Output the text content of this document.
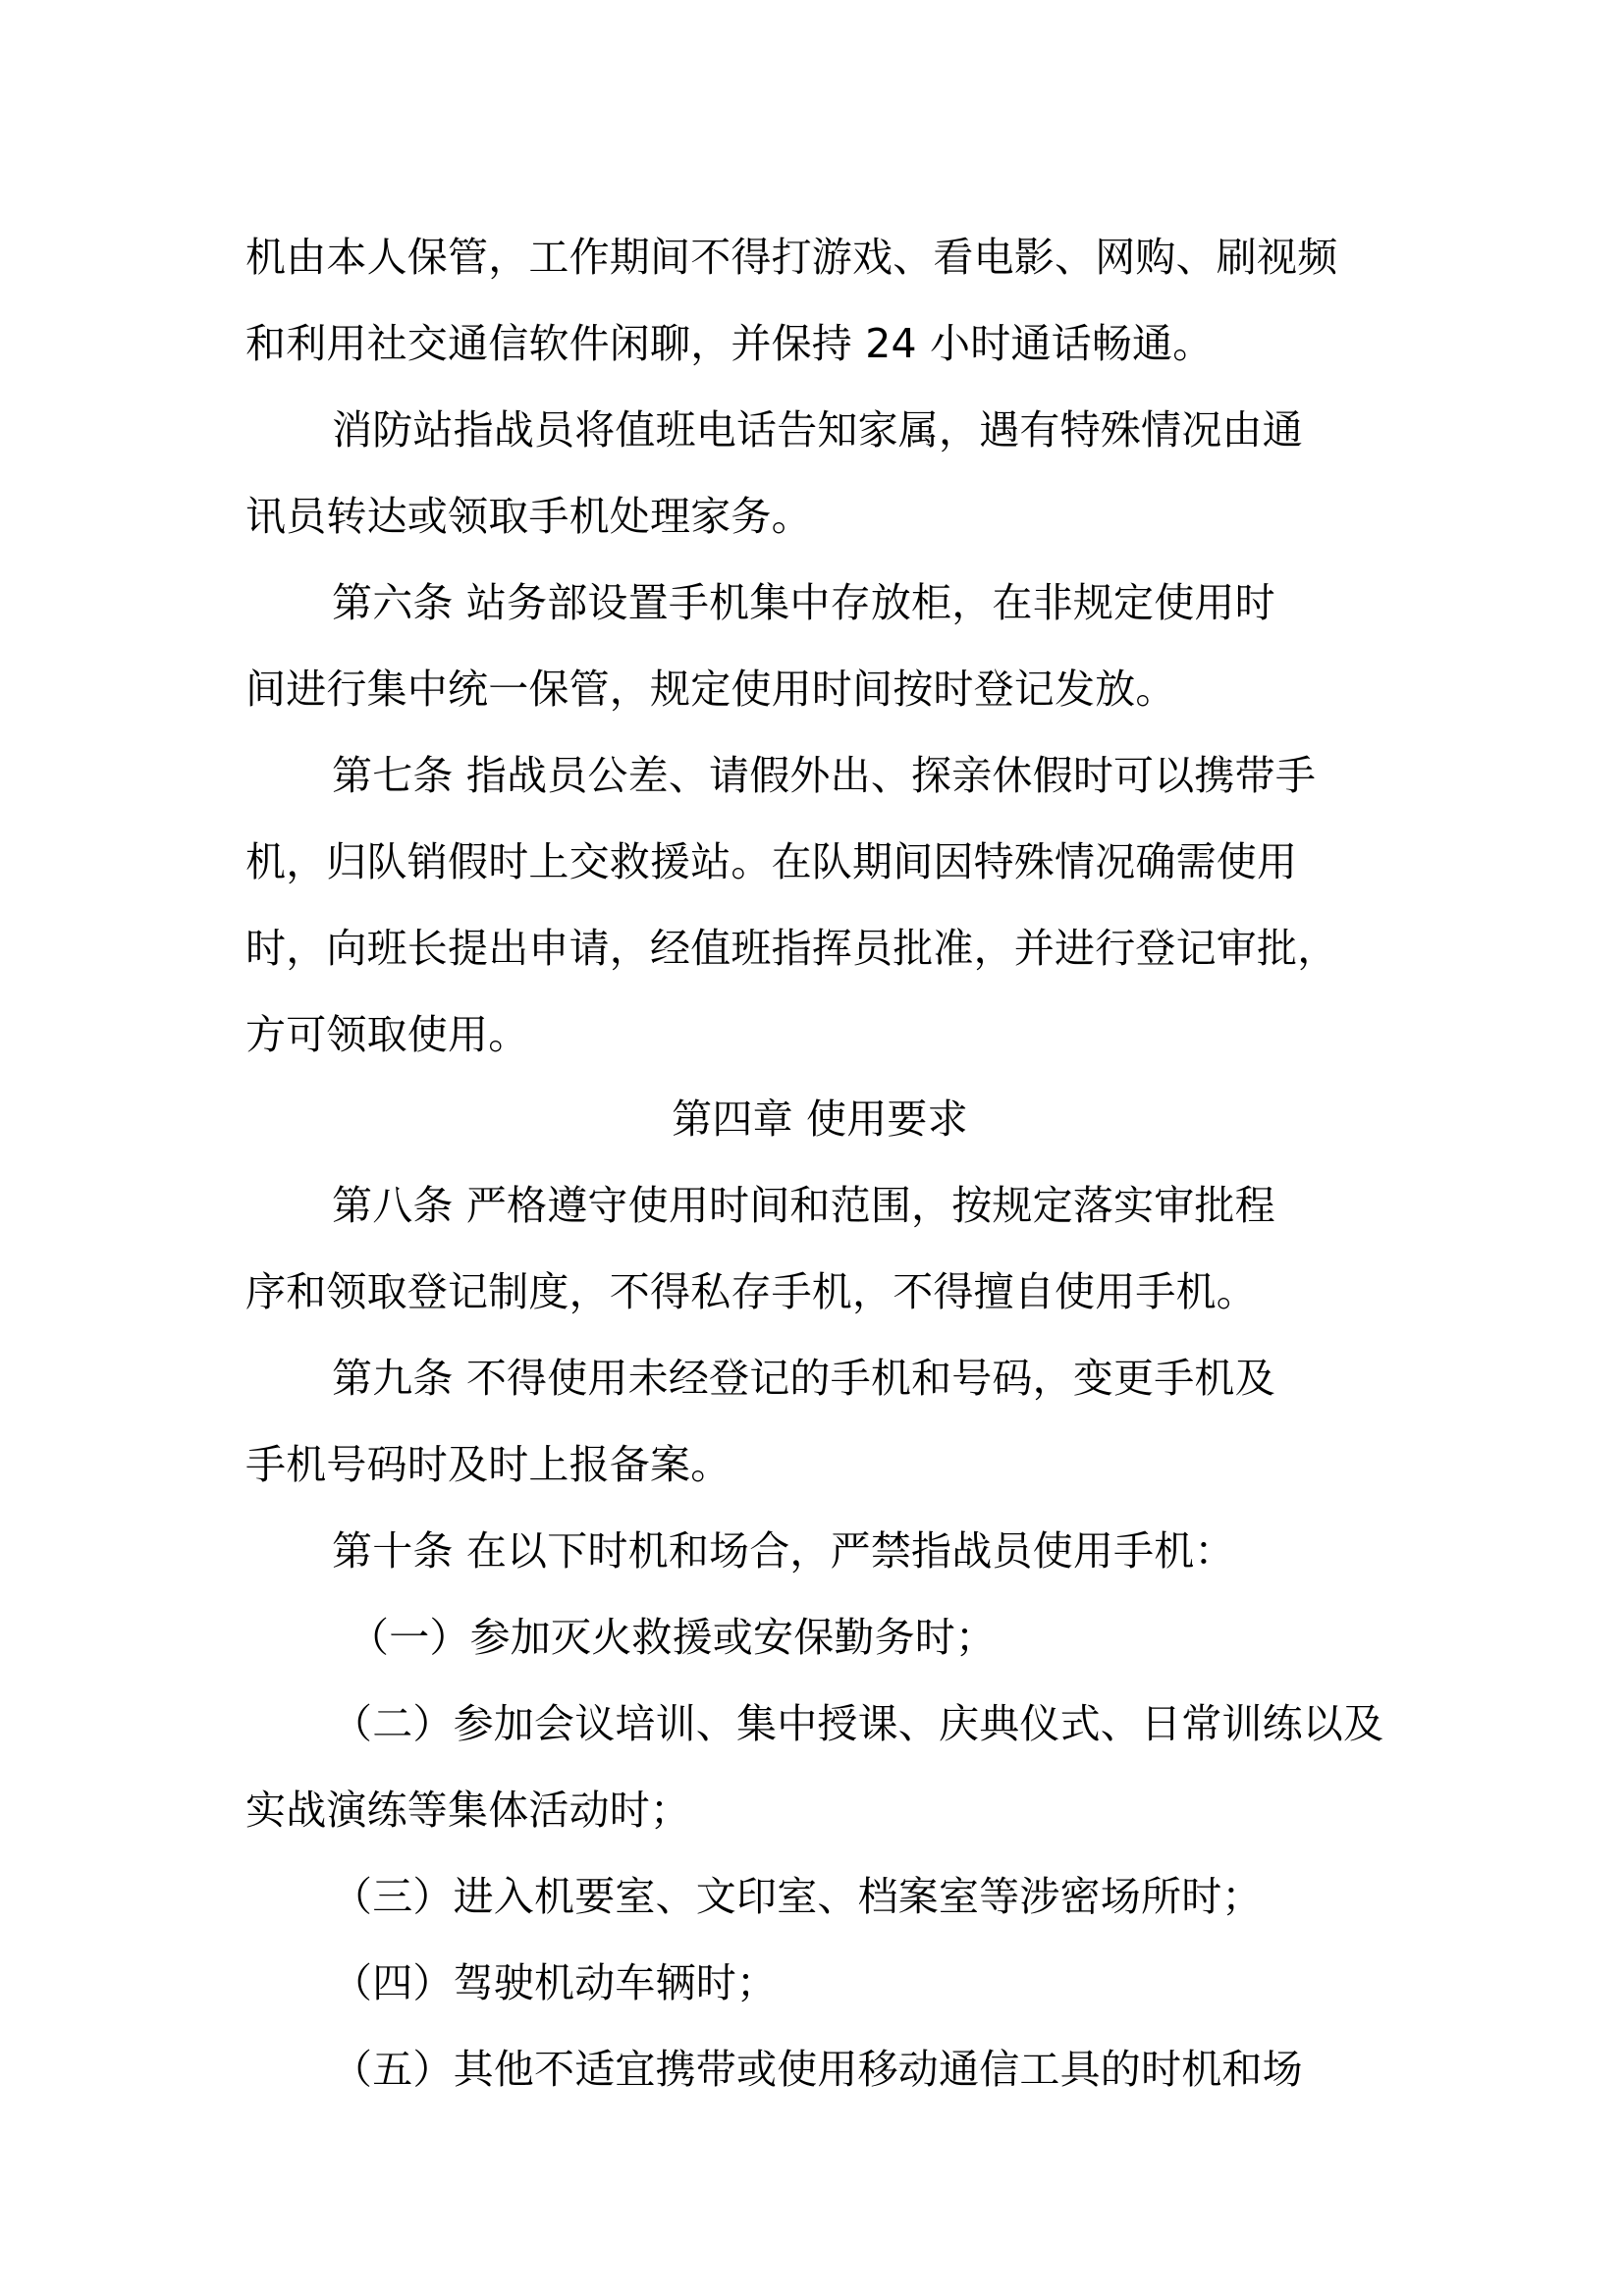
机由本人保管，工作期间不得打游戏、看电影、网购、刷视频
和利用社交通信软件闲聊，并保持 24 小时通话畅通。
消防站指战员将值班电话告知家属，遇有特殊情况由通
讯员转达或领取手机处理家务。
第六条 站务部设置手机集中存放柜，在非规定使用时
间进行集中统一保管，规定使用时间按时登记发放。
第七条 指战员公差、请假外出、探亲休假时可以携带手
机，归队销假时上交救援站。在队期间因特殊情况确需使用
时，向班长提出申请，经值班指挥员批准，并进行登记审批，
方可领取使用。
第四章 使用要求
第八条 严格遵守使用时间和范围，按规定落实审批程
序和领取登记制度，不得私存手机，不得擅自使用手机。
第九条 不得使用未经登记的手机和号码，变更手机及
手机号码时及时上报备案。
第十条 在以下时机和场合，严禁指战员使用手机：
（一）参加灭火救援或安保勤务时；
（二）参加会议培训、集中授课、庆典仪式、日常训练以及
实战演练等集体活动时；
（三）进入机要室、文印室、档案室等涉密场所时；
（四）驾驶机动车辆时；
（五）其他不适宜携带或使用移动通信工具的时机和场
